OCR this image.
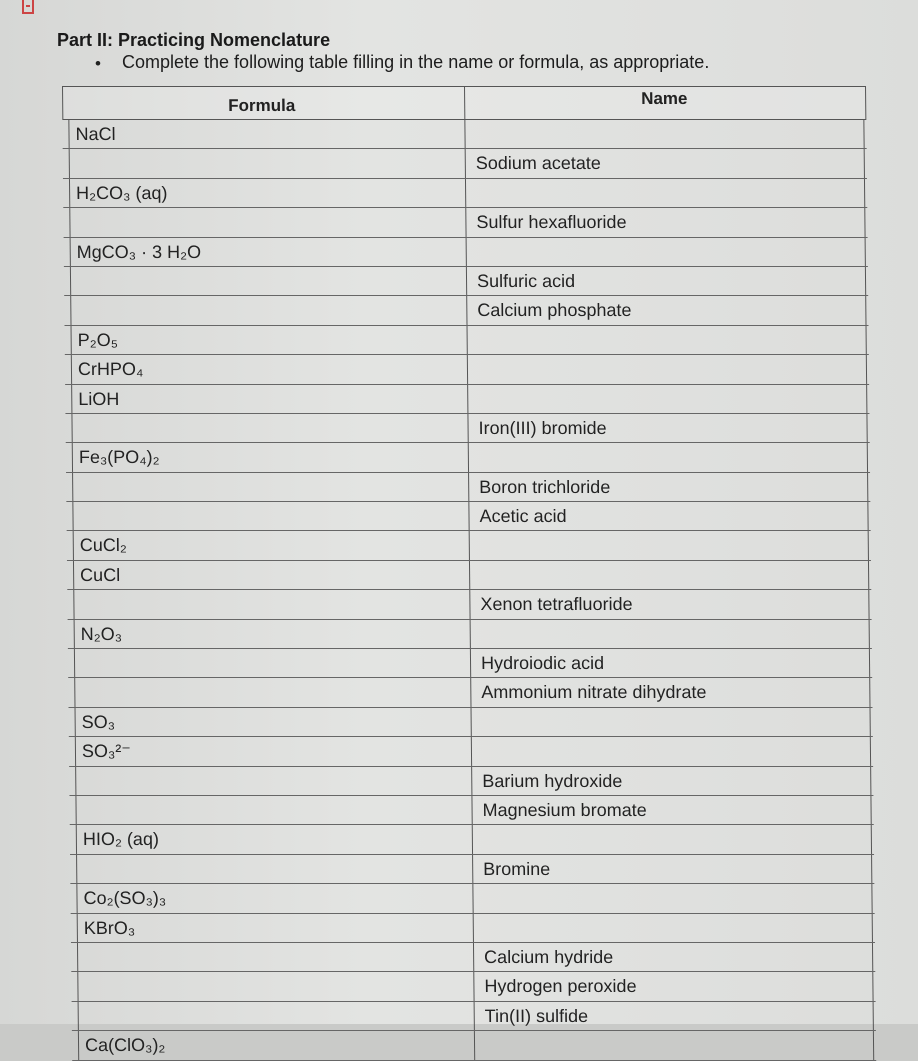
Part II: Practicing Nomenclature
• Complete the following table filling in the name or formula, as appropriate.
Formula	Name
NaCl
Sodium acetate
H₂CO₃ (aq)
Sulfur hexafluoride
MgCO₃ · 3 H₂O
Sulfuric acid
Calcium phosphate
P₂O₅
CrHPO₄
LiOH
Iron(III) bromide
Fe₃(PO₄)₂
Boron trichloride
Acetic acid
CuCl₂
CuCl
Xenon tetrafluoride
N₂O₃
Hydroiodic acid
Ammonium nitrate dihydrate
SO₃
SO₃²⁻
Barium hydroxide
Magnesium bromate
HIO₂ (aq)
Bromine
Co₂(SO₃)₃
KBrO₃
Calcium hydride
Hydrogen peroxide
Tin(II) sulfide
Ca(ClO₃)₂
